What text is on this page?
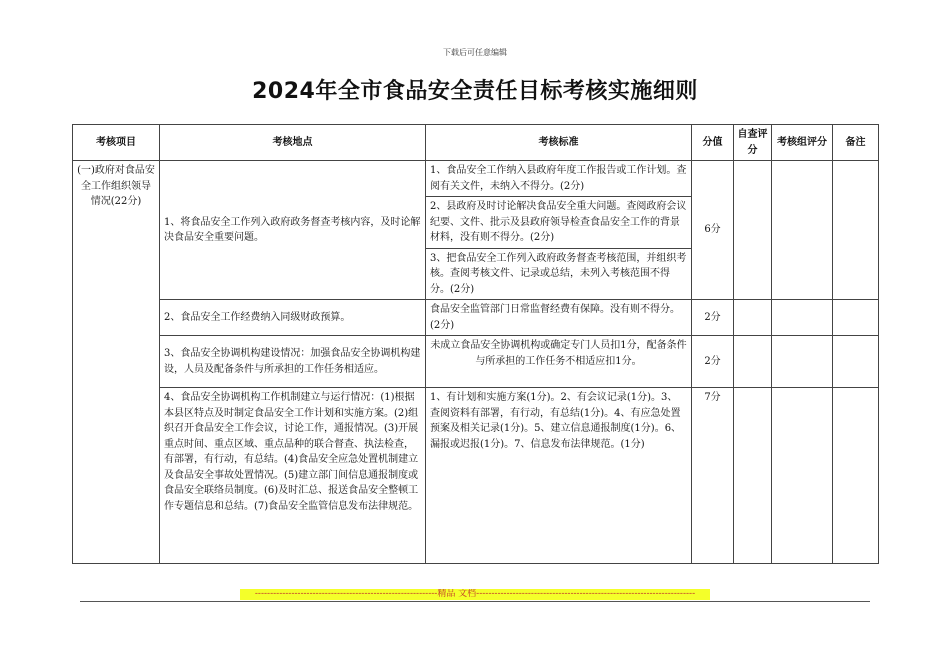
下载后可任意编辑
2024年全市食品安全责任目标考核实施细则
考核项目	考核地点	考核标准	分值	自查评分	考核组评分	备注
(一)政府对食品安全工作组织领导情况(22分)	1、将食品安全工作列入政府政务督查考核内容，及时论解决食品安全重要问题。	1、食品安全工作纳入县政府年度工作报告或工作计划。查阅有关文件，未纳入不得分。(2分)	6分			
		2、县政府及时讨论解决食品安全重大问题。查阅政府会议纪要、文件、批示及县政府领导检查食品安全工作的背景材料，没有则不得分。(2分)				
		3、把食品安全工作列入政府政务督查考核范围，并组织考核。查阅考核文件、记录或总结，未列入考核范围不得分。(2分)				
	2、食品安全工作经费纳入同级财政预算。	食品安全监管部门日常监督经费有保障。没有则不得分。(2分)	2分			
	3、食品安全协调机构建设情况：加强食品安全协调机构建设，人员及配备条件与所承担的工作任务相适应。	未成立食品安全协调机构或确定专门人员扣1分，配备条件与所承担的工作任务不相适应扣1分。	2分			
	4、食品安全协调机构工作机制建立与运行情况：(1)根据本县区特点及时制定食品安全工作计划和实施方案。(2)组织召开食品安全工作会议，讨论工作，通报情况。(3)开展重点时间、重点区域、重点品种的联合督查、执法检查，有部署，有行动，有总结。(4)食品安全应急处置机制建立及食品安全事故处置情况。(5)建立部门间信息通报制度或食品安全联络员制度。(6)及时汇总、报送食品安全整顿工作专题信息和总结。(7)食品安全监管信息发布法律规范。	1、有计划和实施方案(1分)。2、有会议记录(1分)。3、查阅资料有部署，有行动，有总结(1分)。4、有应急处置预案及相关记录(1分)。5、建立信息通报制度(1分)。6、漏报或迟报(1分)。7、信息发布法律规范。(1分)	7分			
------------------------------------------------------------精品 文档------------------------------------------------------------------------
